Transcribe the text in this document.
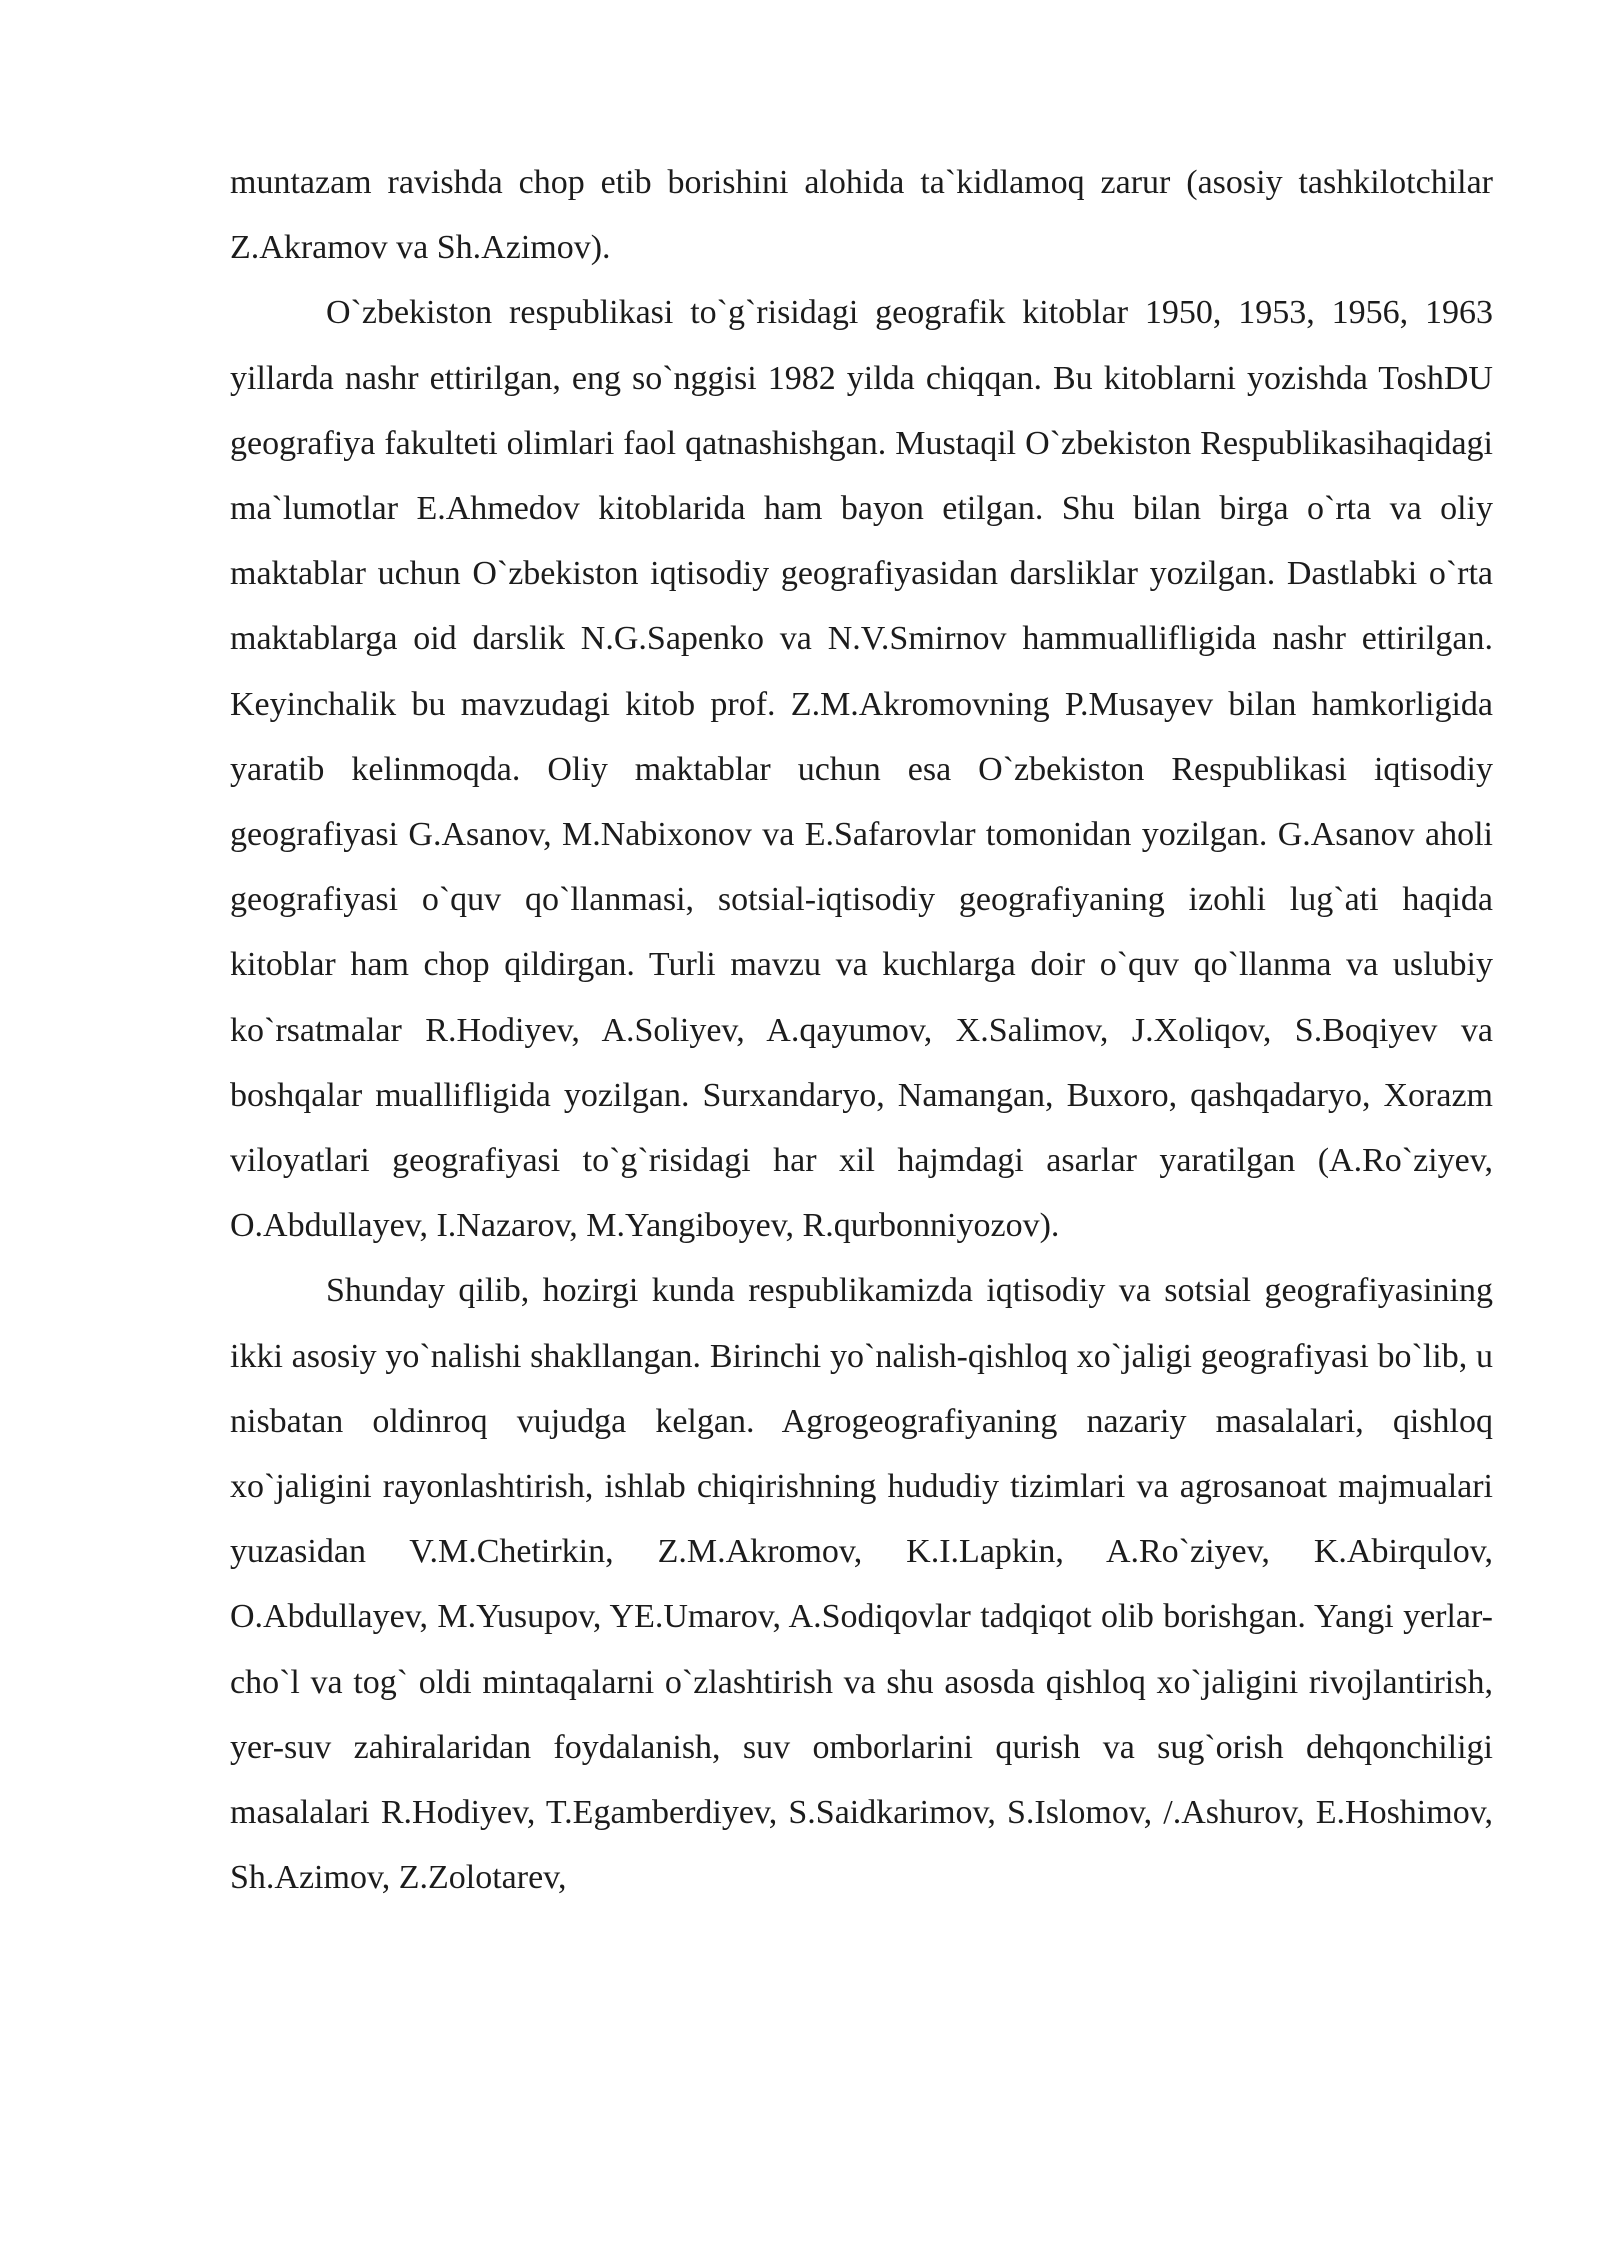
muntazam ravishda chop etib borishini alohida ta`kidlamoq zarur (asosiy tashkilotchilar Z.Akramov va Sh.Azimov).

O`zbekiston respublikasi to`g`risidagi geografik kitoblar 1950, 1953, 1956, 1963 yillarda nashr ettirilgan, eng so`nggisi 1982 yilda chiqqan. Bu kitoblarni yozishda ToshDU geografiya fakulteti olimlari faol qatnashishgan. Mustaqil O`zbekiston Respublikasihaqidagi ma`lumotlar E.Ahmedov kitoblarida ham bayon etilgan. Shu bilan birga o`rta va oliy maktablar uchun O`zbekiston iqtisodiy geografiyasidan darsliklar yozilgan. Dastlabki o`rta maktablarga oid darslik N.G.Sapenko va N.V.Smirnov hammuallifligida nashr ettirilgan. Keyinchalik bu mavzudagi kitob prof. Z.M.Akromovning P.Musayev bilan hamkorligida yaratib kelinmoqda. Oliy maktablar uchun esa O`zbekiston Respublikasi iqtisodiy geografiyasi G.Asanov, M.Nabixonov va E.Safarovlar tomonidan yozilgan. G.Asanov aholi geografiyasi o`quv qo`llanmasi, sotsial-iqtisodiy geografiyaning izohli lug`ati haqida kitoblar ham chop qildirgan. Turli mavzu va kuchlarga doir o`quv qo`llanma va uslubiy ko`rsatmalar R.Hodiyev, A.Soliyev, A.qayumov, X.Salimov, J.Xoliqov, S.Boqiyev va boshqalar muallifligida yozilgan. Surxandaryo, Namangan, Buxoro, qashqadaryo, Xorazm viloyatlari geografiyasi to`g`risidagi har xil hajmdagi asarlar yaratilgan (A.Ro`ziyev, O.Abdullayev, I.Nazarov, M.Yangiboyev, R.qurbonniyozov).

Shunday qilib, hozirgi kunda respublikamizda iqtisodiy va sotsial geografiyasining ikki asosiy yo`nalishi shakllangan. Birinchi yo`nalish-qishloq xo`jaligi geografiyasi bo`lib, u nisbatan oldinroq vujudga kelgan. Agrogeografiyaning nazariy masalalari, qishloq xo`jaligini rayonlashtirish, ishlab chiqirishning hududiy tizimlari va agrosanoat majmualari yuzasidan V.M.Chetirkin, Z.M.Akromov, K.I.Lapkin, A.Ro`ziyev, K.Abirqulov, O.Abdullayev, M.Yusupov, YE.Umarov, A.Sodiqovlar tadqiqot olib borishgan. Yangi yerlar-cho`l va tog` oldi mintaqalarni o`zlashtirish va shu asosda qishloq xo`jaligini rivojlantirish, yer-suv zahiralaridan foydalanish, suv omborlarini qurish va sug`orish dehqonchiligi masalalari R.Hodiyev, T.Egamberdiyev, S.Saidkarimov, S.Islomov, /.Ashurov, E.Hoshimov, Sh.Azimov, Z.Zolotarev,
